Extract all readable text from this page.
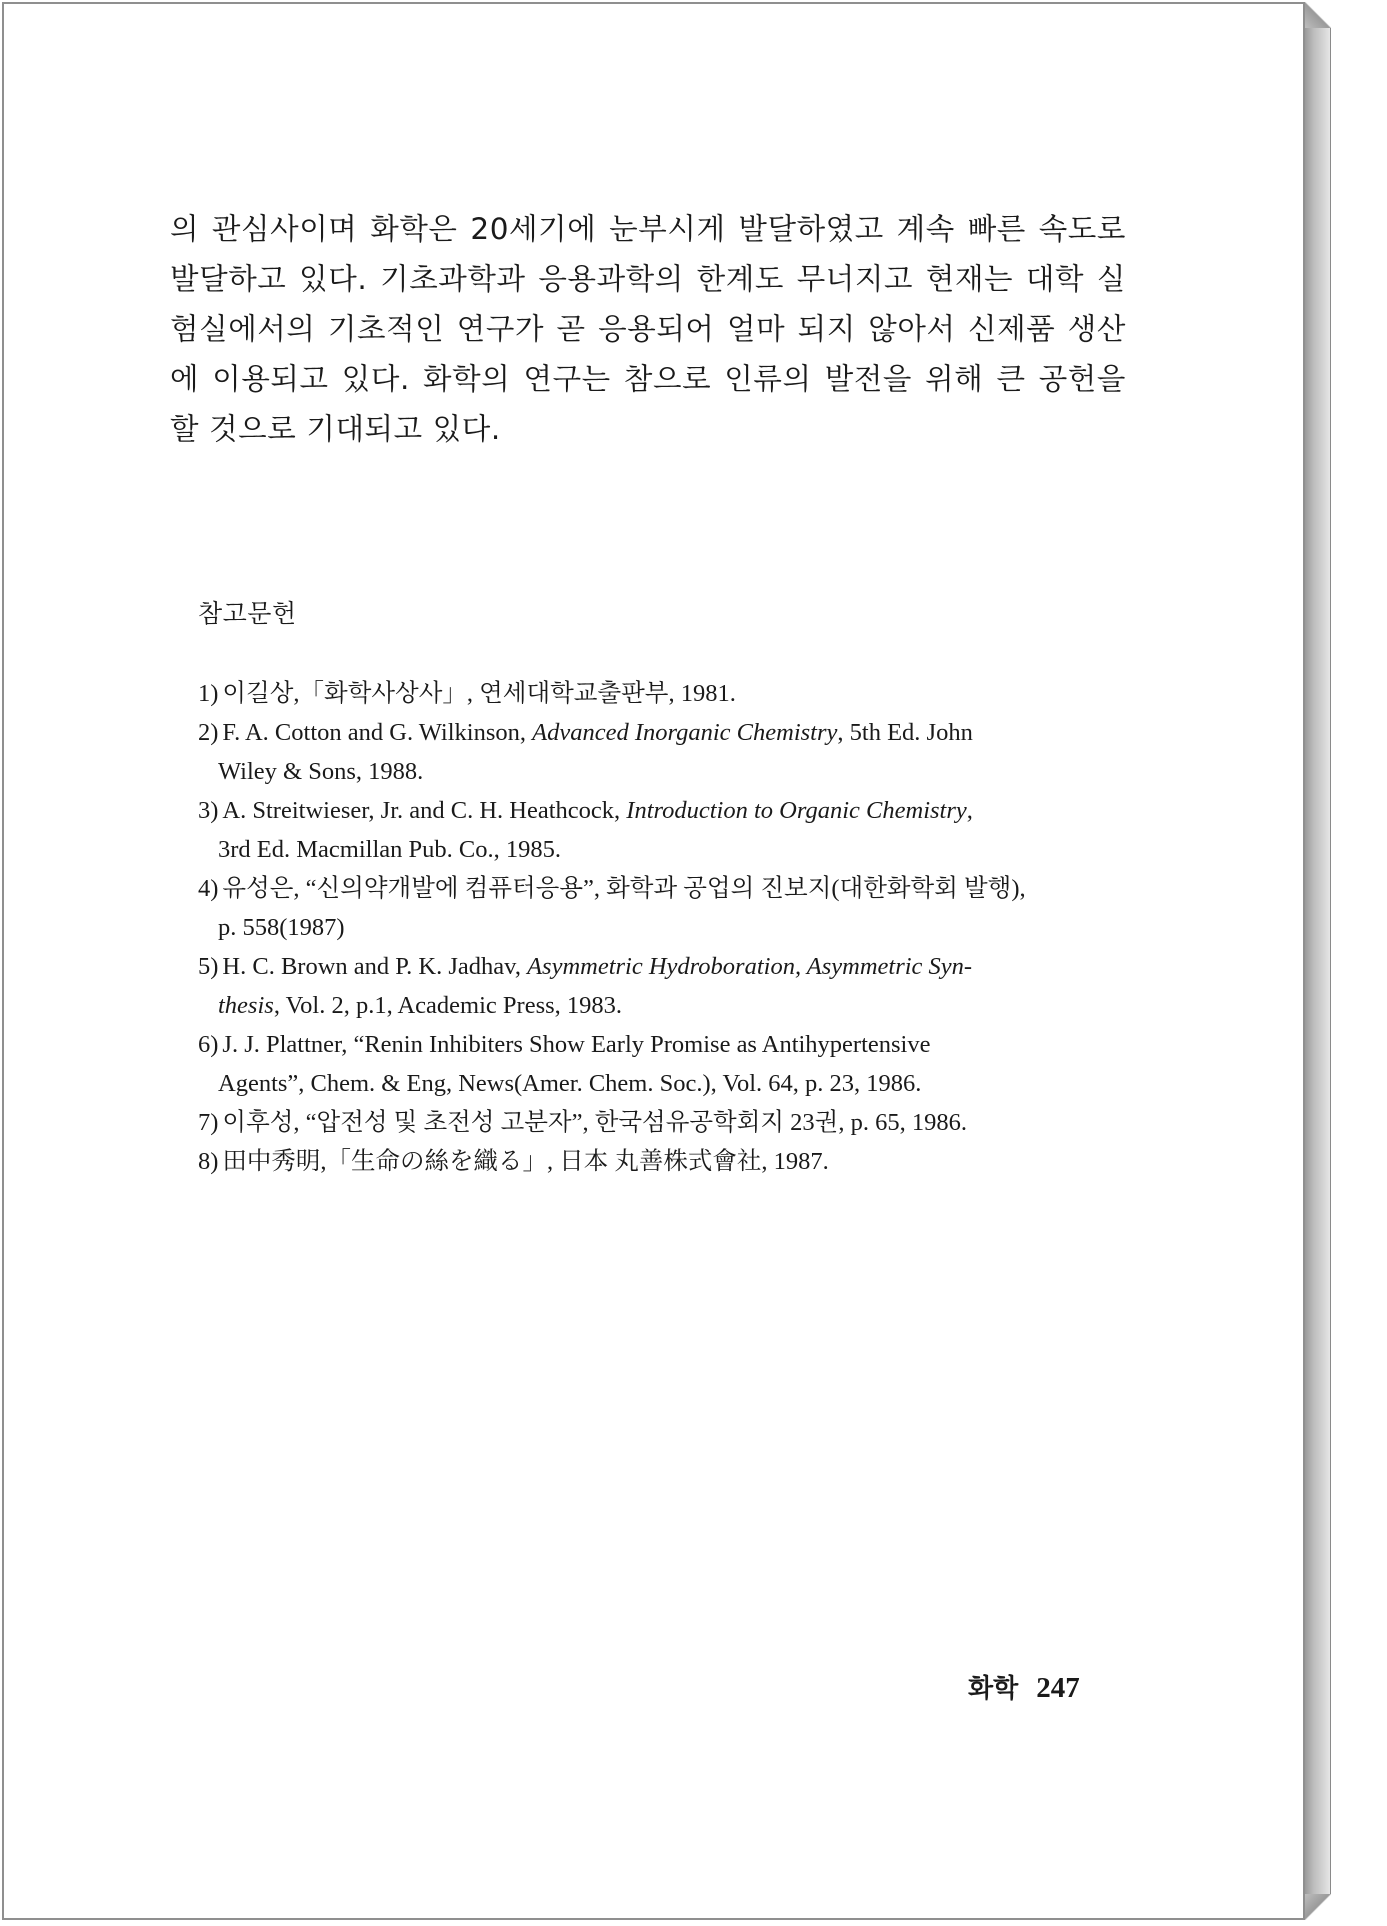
의 관심사이며 화학은 20세기에 눈부시게 발달하였고 계속 빠른 속도로 발달하고 있다. 기초과학과 응용과학의 한계도 무너지고 현재는 대학 실험실에서의 기초적인 연구가 곧 응용되어 얼마 되지 않아서 신제품 생산에 이용되고 있다. 화학의 연구는 참으로 인류의 발전을 위해 큰 공헌을 할 것으로 기대되고 있다.

참고문헌
1) 이길상,「화학사상사」, 연세대학교출판부, 1981.
2) F. A. Cotton and G. Wilkinson, Advanced Inorganic Chemistry, 5th Ed. John
Wiley & Sons, 1988.
3) A. Streitwieser, Jr. and C. H. Heathcock, Introduction to Organic Chemistry,
3rd Ed. Macmillan Pub. Co., 1985.
4) 유성은, “신의약개발에 컴퓨터응용”, 화학과 공업의 진보지(대한화학회 발행),
p. 558(1987)
5) H. C. Brown and P. K. Jadhav, Asymmetric Hydroboration, Asymmetric Syn-
thesis, Vol. 2, p.1, Academic Press, 1983.
6) J. J. Plattner, “Renin Inhibiters Show Early Promise as Antihypertensive
Agents”, Chem. & Eng, News(Amer. Chem. Soc.), Vol. 64, p. 23, 1986.
7) 이후성, “압전성 및 초전성 고분자”, 한국섬유공학회지 23권, p. 65, 1986.
8) 田中秀明,「生命の絲を織る」, 日本 丸善株式會社, 1987.
화학 247
